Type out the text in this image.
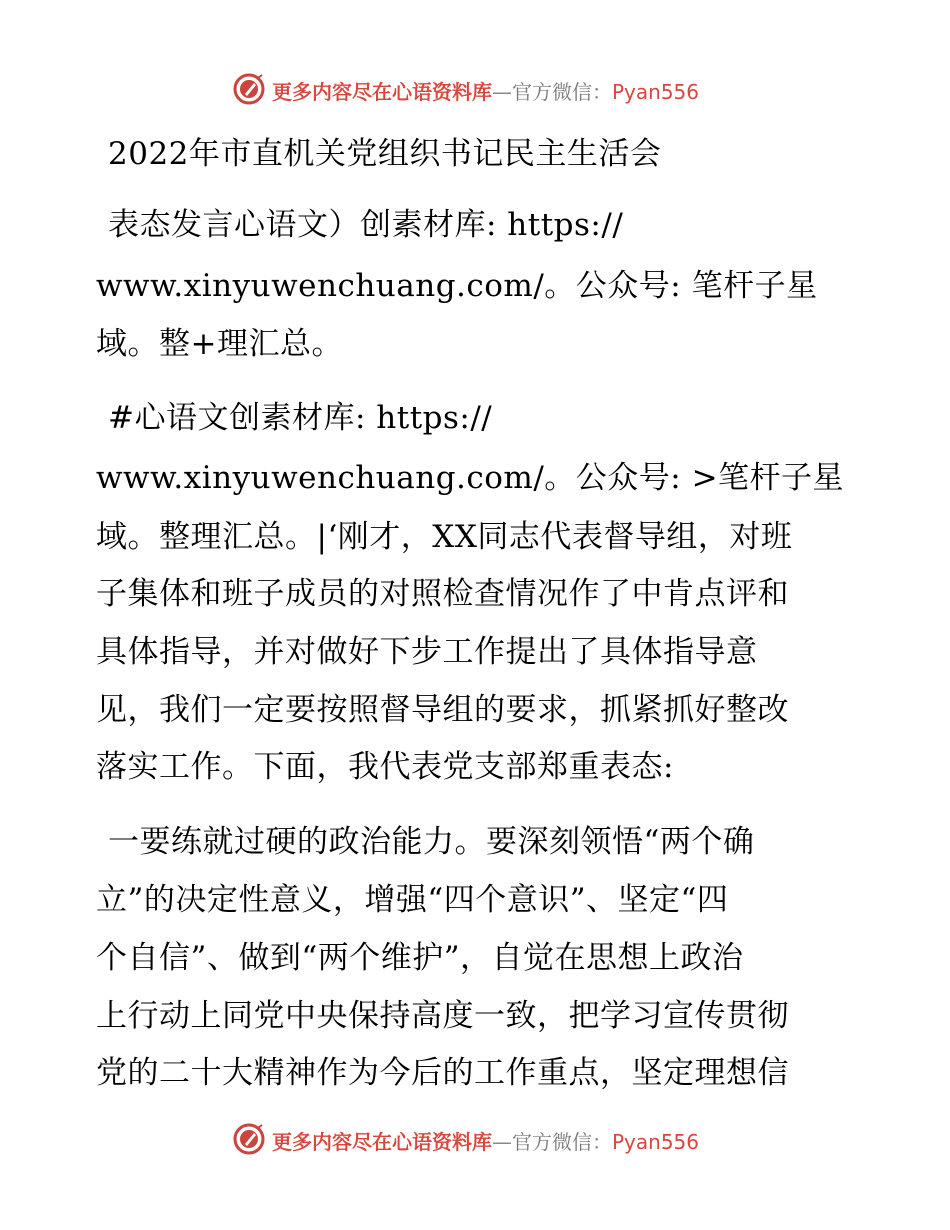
更多内容尽在心语资料库—官方微信：Pyan556
2022年市直机关党组织书记民主生活会
表态发言心语文）创素材库: https://
www.xinyuwenchuang.com/。公众号: 笔杆子星
域。整+理汇总。
#心语文创素材库: https://
www.xinyuwenchuang.com/。公众号: >笔杆子星
域。整理汇总。|‘刚才，XX同志代表督导组，对班
子集体和班子成员的对照检查情况作了中肯点评和
具体指导，并对做好下步工作提出了具体指导意
见，我们一定要按照督导组的要求，抓紧抓好整改
落实工作。下面，我代表党支部郑重表态:
一要练就过硬的政治能力。要深刻领悟“两个确
立”的决定性意义，增强“四个意识”、坚定“四
个自信”、做到“两个维护”，自觉在思想上政治
上行动上同党中央保持高度一致，把学习宣传贯彻
党的二十大精神作为今后的工作重点，坚定理想信
更多内容尽在心语资料库—官方微信：Pyan556
